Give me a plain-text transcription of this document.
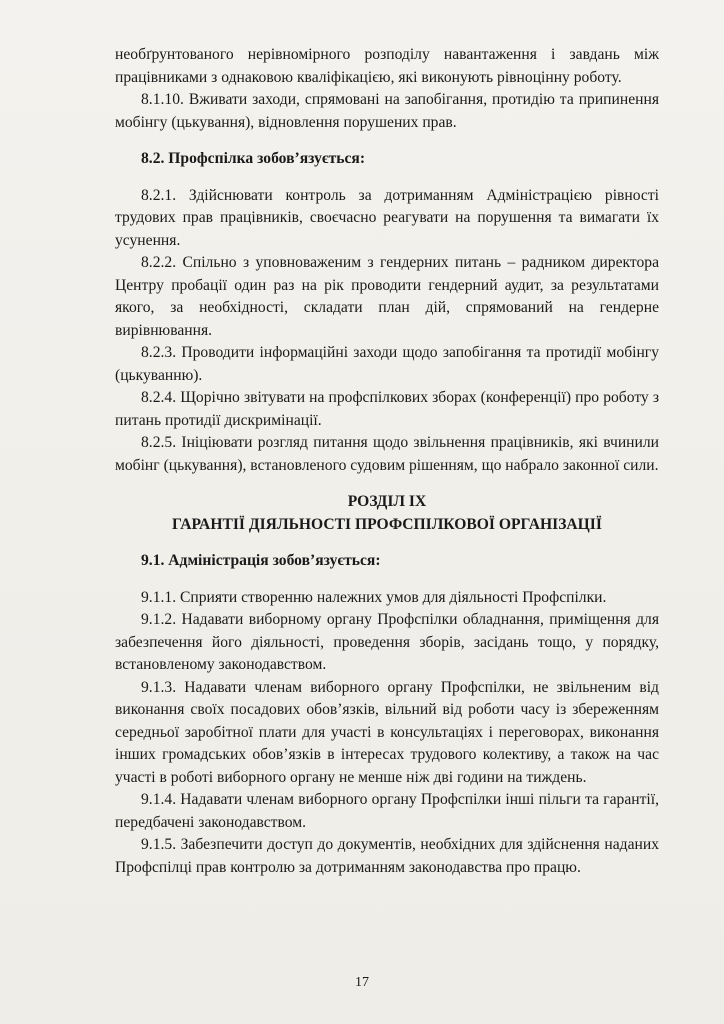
необґрунтованого нерівномірного розподілу навантаження і завдань між працівниками з однаковою кваліфікацією, які виконують рівноцінну роботу.

8.1.10. Вживати заходи, спрямовані на запобігання, протидію та припинення мобінгу (цькування), відновлення порушених прав.

8.2. Профспілка зобов’язується:

8.2.1. Здійснювати контроль за дотриманням Адміністрацією рівності трудових прав працівників, своєчасно реагувати на порушення та вимагати їх усунення.

8.2.2. Спільно з уповноваженим з гендерних питань – радником директора Центру пробації один раз на рік проводити гендерний аудит, за результатами якого, за необхідності, складати план дій, спрямований на гендерне вирівнювання.

8.2.3. Проводити інформаційні заходи щодо запобігання та протидії мобінгу (цькуванню).

8.2.4. Щорічно звітувати на профспілкових зборах (конференції) про роботу з питань протидії дискримінації.

8.2.5. Ініціювати розгляд питання щодо звільнення працівників, які вчинили мобінг (цькування), встановленого судовим рішенням, що набрало законної сили.

РОЗДІЛ IX

ГАРАНТІЇ ДІЯЛЬНОСТІ ПРОФСПІЛКОВОЇ ОРГАНІЗАЦІЇ

9.1. Адміністрація зобов’язується:

9.1.1. Сприяти створенню належних умов для діяльності Профспілки.

9.1.2. Надавати виборному органу Профспілки обладнання, приміщення для забезпечення його діяльності, проведення зборів, засідань тощо, у порядку, встановленому законодавством.

9.1.3. Надавати членам виборного органу Профспілки, не звільненим від виконання своїх посадових обов’язків, вільний від роботи часу із збереженням середньої заробітної плати для участі в консультаціях і переговорах, виконання інших громадських обов’язків в інтересах трудового колективу, а також на час участі в роботі виборного органу не менше ніж дві години на тиждень.

9.1.4. Надавати членам виборного органу Профспілки інші пільги та гарантії, передбачені законодавством.

9.1.5. Забезпечити доступ до документів, необхідних для здійснення наданих Профспілці прав контролю за дотриманням законодавства про працю.

17
